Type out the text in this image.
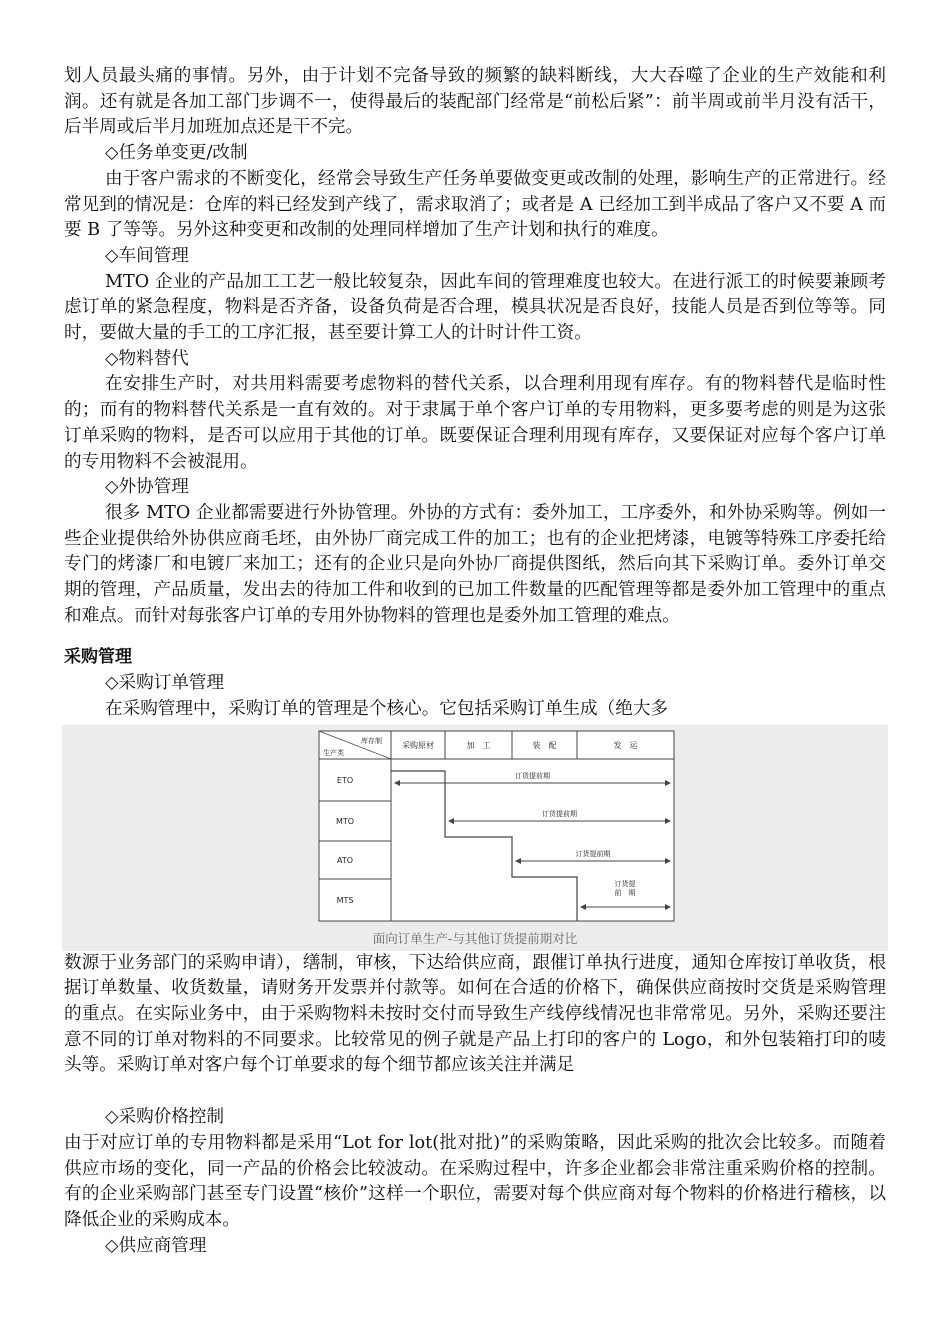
划人员最头痛的事情。另外，由于计划不完备导致的频繁的缺料断线，大大吞噬了企业的生产效能和利润。还有就是各加工部门步调不一，使得最后的装配部门经常是“前松后紧”：前半周或前半月没有活干，后半周或后半月加班加点还是干不完。

◇任务单变更/改制

由于客户需求的不断变化，经常会导致生产任务单要做变更或改制的处理，影响生产的正常进行。经常见到的情况是：仓库的料已经发到产线了，需求取消了；或者是 A 已经加工到半成品了客户又不要 A 而要 B 了等等。另外这种变更和改制的处理同样增加了生产计划和执行的难度。

◇车间管理

MTO 企业的产品加工工艺一般比较复杂，因此车间的管理难度也较大。在进行派工的时候要兼顾考虑订单的紧急程度，物料是否齐备，设备负荷是否合理，模具状况是否良好，技能人员是否到位等等。同时，要做大量的手工的工序汇报，甚至要计算工人的计时计件工资。

◇物料替代

在安排生产时，对共用料需要考虑物料的替代关系，以合理利用现有库存。有的物料替代是临时性的；而有的物料替代关系是一直有效的。对于隶属于单个客户订单的专用物料，更多要考虑的则是为这张订单采购的物料，是否可以应用于其他的订单。既要保证合理利用现有库存，又要保证对应每个客户订单的专用物料不会被混用。

◇外协管理

很多 MTO 企业都需要进行外协管理。外协的方式有：委外加工，工序委外，和外协采购等。例如一些企业提供给外协供应商毛坯，由外协厂商完成工件的加工；也有的企业把烤漆，电镀等特殊工序委托给专门的烤漆厂和电镀厂来加工；还有的企业只是向外协厂商提供图纸，然后向其下采购订单。委外订单交期的管理，产品质量，发出去的待加工件和收到的已加工件数量的匹配管理等都是委外加工管理中的重点和难点。而针对每张客户订单的专用外协物料的管理也是委外加工管理的难点。

采购管理

◇采购订单管理

在采购管理中，采购订单的管理是个核心。它包括采购订单生成（绝大多

库存制
生产类
采购原材	加　工	装　配	发　运
ETO
MTO
ATO
MTS
订货提前期
订货提前期
订货提前期
订货提
前　期
面向订单生产-与其他订货提前期对比

数源于业务部门的采购申请），缮制，审核，下达给供应商，跟催订单执行进度，通知仓库按订单收货，根据订单数量、收货数量，请财务开发票并付款等。如何在合适的价格下，确保供应商按时交货是采购管理的重点。在实际业务中，由于采购物料未按时交付而导致生产线停线情况也非常常见。另外，采购还要注意不同的订单对物料的不同要求。比较常见的例子就是产品上打印的客户的 Logo，和外包装箱打印的唛头等。采购订单对客户每个订单要求的每个细节都应该关注并满足

◇采购价格控制

由于对应订单的专用物料都是采用“Lot for lot(批对批)”的采购策略，因此采购的批次会比较多。而随着供应市场的变化，同一产品的价格会比较波动。在采购过程中，许多企业都会非常注重采购价格的控制。有的企业采购部门甚至专门设置“核价”这样一个职位，需要对每个供应商对每个物料的价格进行稽核，以降低企业的采购成本。

◇供应商管理
